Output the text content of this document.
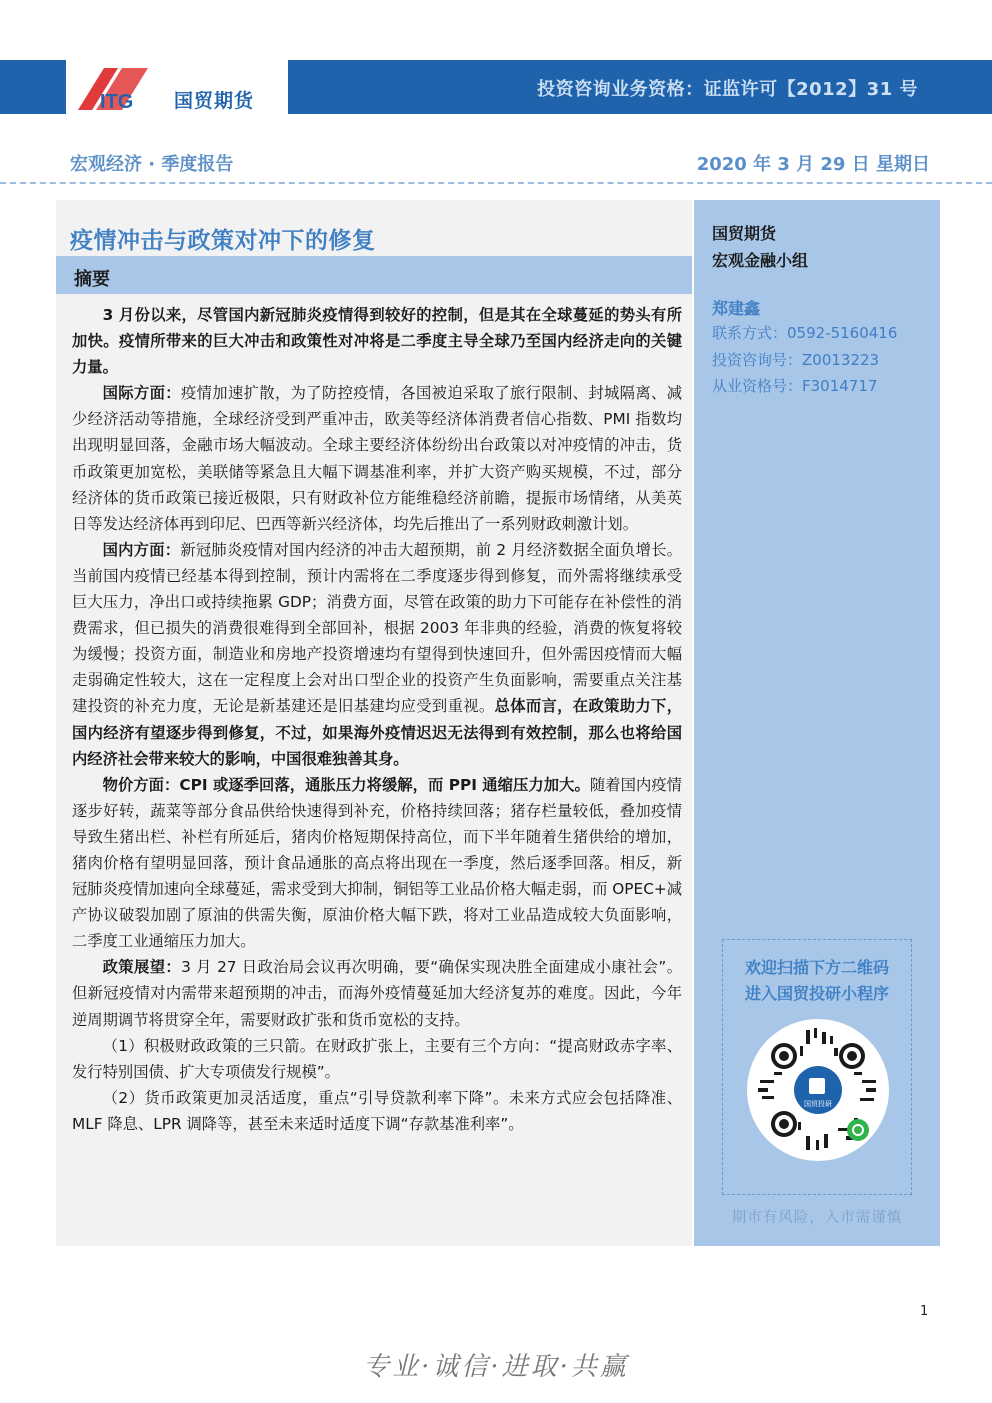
ITG 国贸期货
投资咨询业务资格：证监许可【2012】31 号
宏观经济 · 季度报告	2020 年 3 月 29 日 星期日
疫情冲击与政策对冲下的修复
摘要

3 月份以来，尽管国内新冠肺炎疫情得到较好的控制，但是其在全球蔓延的势头有所加快。疫情所带来的巨大冲击和政策性对冲将是二季度主导全球乃至国内经济走向的关键力量。

国际方面：疫情加速扩散，为了防控疫情，各国被迫采取了旅行限制、封城隔离、减少经济活动等措施，全球经济受到严重冲击，欧美等经济体消费者信心指数、PMI 指数均出现明显回落，金融市场大幅波动。全球主要经济体纷纷出台政策以对冲疫情的冲击，货币政策更加宽松，美联储等紧急且大幅下调基准利率，并扩大资产购买规模，不过，部分经济体的货币政策已接近极限，只有财政补位方能维稳经济前瞻，提振市场情绪，从美英日等发达经济体再到印尼、巴西等新兴经济体，均先后推出了一系列财政刺激计划。

国内方面：新冠肺炎疫情对国内经济的冲击大超预期，前 2 月经济数据全面负增长。当前国内疫情已经基本得到控制，预计内需将在二季度逐步得到修复，而外需将继续承受巨大压力，净出口或持续拖累 GDP；消费方面，尽管在政策的助力下可能存在补偿性的消费需求，但已损失的消费很难得到全部回补，根据 2003 年非典的经验，消费的恢复将较为缓慢；投资方面，制造业和房地产投资增速均有望得到快速回升，但外需因疫情而大幅走弱确定性较大，这在一定程度上会对出口型企业的投资产生负面影响，需要重点关注基建投资的补充力度，无论是新基建还是旧基建均应受到重视。总体而言，在政策助力下，国内经济有望逐步得到修复，不过，如果海外疫情迟迟无法得到有效控制，那么也将给国内经济社会带来较大的影响，中国很难独善其身。

物价方面：CPI 或逐季回落，通胀压力将缓解，而 PPI 通缩压力加大。随着国内疫情逐步好转，蔬菜等部分食品供给快速得到补充，价格持续回落；猪存栏量较低，叠加疫情导致生猪出栏、补栏有所延后，猪肉价格短期保持高位，而下半年随着生猪供给的增加，猪肉价格有望明显回落，预计食品通胀的高点将出现在一季度，然后逐季回落。相反，新冠肺炎疫情加速向全球蔓延，需求受到大抑制，铜铝等工业品价格大幅走弱，而 OPEC+减产协议破裂加剧了原油的供需失衡，原油价格大幅下跌，将对工业品造成较大负面影响，二季度工业通缩压力加大。

政策展望：3 月 27 日政治局会议再次明确，要“确保实现决胜全面建成小康社会”。但新冠疫情对内需带来超预期的冲击，而海外疫情蔓延加大经济复苏的难度。因此，今年逆周期调节将贯穿全年，需要财政扩张和货币宽松的支持。

（1）积极财政政策的三只箭。在财政扩张上，主要有三个方向：“提高财政赤字率、发行特别国债、扩大专项债发行规模”。

（2）货币政策更加灵活适度，重点“引导贷款利率下降”。未来方式应会包括降准、MLF 降息、LPR 调降等，甚至未来适时适度下调“存款基准利率”。

国贸期货
宏观金融小组
郑建鑫
联系方式：0592-5160416
投资咨询号：Z0013223
从业资格号：F3014717
欢迎扫描下方二维码
进入国贸投研小程序
国贸投研
期市有风险，入市需谨慎
1
专业·诚信·进取·共赢
